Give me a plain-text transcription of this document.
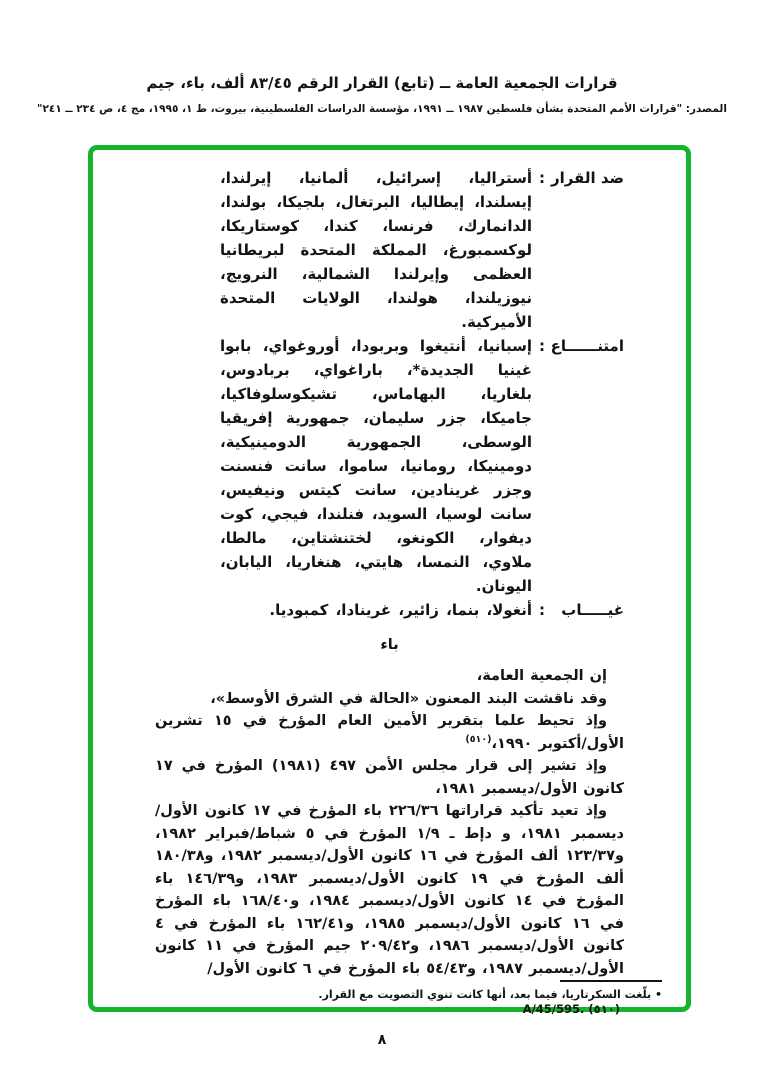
قرارات الجمعية العامة ــ (تابع) القرار الرقم ٨٣/٤٥ ألف، باء، جيم
المصدر: "قرارات الأمم المتحدة بشأن فلسطين ١٩٨٧ ــ ١٩٩١، مؤسسة الدراسات الفلسطينية، بيروت، ط ١، ١٩٩٥، مج ٤، ص ٢٣٤ ــ ٢٤١"
ضد القرار
:
أستراليا، إسرائيل، ألمانيا، إيرلندا، إيسلندا، إيطاليا، البرتغال، بلجيكا، بولندا، الدانمارك، فرنسا، كندا، كوستاريكا، لوكسمبورغ، المملكة المتحدة لبريطانيا العظمى وإيرلندا الشمالية، النرويج، نيوزيلندا، هولندا، الولايات المتحدة الأميركية.
امتنــــــاع
:
إسبانيا، أنتيغوا وبربودا، أوروغواي، بابوا غينيا الجديدة*، باراغواي، بربادوس، بلغاريا، البهاماس، تشيكوسلوفاكيا، جاميكا، جزر سليمان، جمهورية إفريقيا الوسطى، الجمهورية الدومينيكية، دومينيكا، رومانيا، ساموا، سانت فنسنت وجزر غرينادين، سانت كيتس ونيفيس، سانت لوسيا، السويد، فنلندا، فيجي، كوت ديفوار، الكونغو، لختنشتاين، مالطا، ملاوي، النمسا، هايتي، هنغاريا، اليابان، اليونان.
غيـــــاب
:
أنغولا، بنما، زائير، غرينادا، كمبوديا.
باء

إن الجمعية العامة،

وقد ناقشت البند المعنون «الحالة في الشرق الأوسط»،

وإذ تحيط علما بتقرير الأمين العام المؤرخ في ١٥ تشرين الأول/أكتوبر ١٩٩٠،$^{(٥١٠)}$

وإذ تشير إلى قرار مجلس الأمن ٤٩٧ (١٩٨١) المؤرخ في ١٧ كانون الأول/ديسمبر ١٩٨١،

وإذ تعيد تأكيد قراراتها ٢٢٦/٣٦ باء المؤرخ في ١٧ كانون الأول/ديسمبر ١٩٨١، و دإط ـ ١/٩ المؤرخ في ٥ شباط/فبراير ١٩٨٢، و١٢٣/٣٧ ألف المؤرخ في ١٦ كانون الأول/ديسمبر ١٩٨٢، و١٨٠/٣٨ ألف المؤرخ في ١٩ كانون الأول/ديسمبر ١٩٨٣، و١٤٦/٣٩ باء المؤرخ في ١٤ كانون الأول/ديسمبر ١٩٨٤، و١٦٨/٤٠ باء المؤرخ في ١٦ كانون الأول/ديسمبر ١٩٨٥، و١٦٢/٤١ باء المؤرخ في ٤ كانون الأول/ديسمبر ١٩٨٦، و٢٠٩/٤٢ جيم المؤرخ في ١١ كانون الأول/ديسمبر ١٩٨٧، و٥٤/٤٣ باء المؤرخ في ٦ كانون الأول/

• بلّغت السكرتاريا، فيما بعد، أنها كانت تنوي التصويت مع القرار.
(٥١٠) A/45/595.
٨
